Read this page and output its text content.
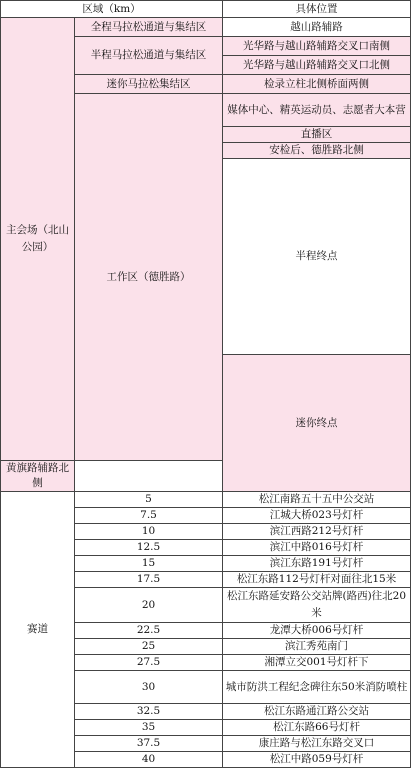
区域（km）		具体位置	
主会场（北山公园）	全程马拉松通道与集结区	越山路辅路	
	半程马拉松通道与集结区	光华路与越山路辅路交叉口南侧	
		光华路与越山路辅路交叉口北侧	
	迷你马拉松集结区	检录立柱北侧桥面两侧	
	工作区（德胜路）	媒体中心、精英运动员、志愿者大本营	
		直播区	
		安检后、德胜路北侧	
		半程终点		
		迷你终点		
黄旗路辅路北侧			
赛道	5	松江南路五十五中公交站	
	7.5	江城大桥023号灯杆	
	10	滨江西路212号灯杆	
	12.5	滨江中路016号灯杆	
	15	滨江东路191号灯杆	
	17.5	松江东路112号灯杆对面往北15米	
	20	松江东路延安路公交站牌(路西)往北20米	
	22.5	龙潭大桥006号灯杆	
	25	滨江秀苑南门	
	27.5	湘潭立交001号灯杆下	
	30	城市防洪工程纪念碑往东50米消防喷柱	
	32.5	松江东路通江路公交站	
	35	松江东路66号灯杆	
	37.5	康庄路与松江东路交叉口	
	40	松江中路059号灯杆	
